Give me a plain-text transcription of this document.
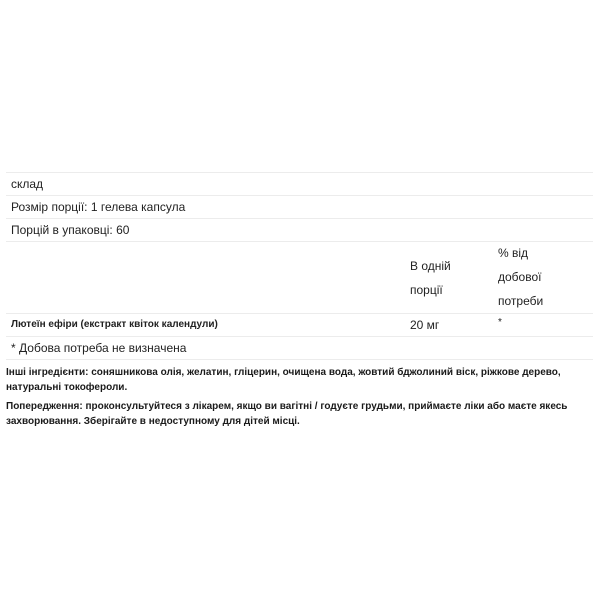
склад
Розмір порції: 1 гелева капсула
Порцій в упаковці: 60
В одній
порції
% від
добової
потреби
Лютеїн ефіри (екстракт квіток календули)	20 мг	*
* Добова потреба не визначена
Інші інгредієнти: соняшникова олія, желатин, гліцерин, очищена вода, жовтий бджолиний віск, ріжкове дерево, натуральні токофероли.
Попередження: проконсультуйтеся з лікарем, якщо ви вагітні / годуєте грудьми, приймаєте ліки або маєте якесь захворювання. Зберігайте в недоступному для дітей місці.
